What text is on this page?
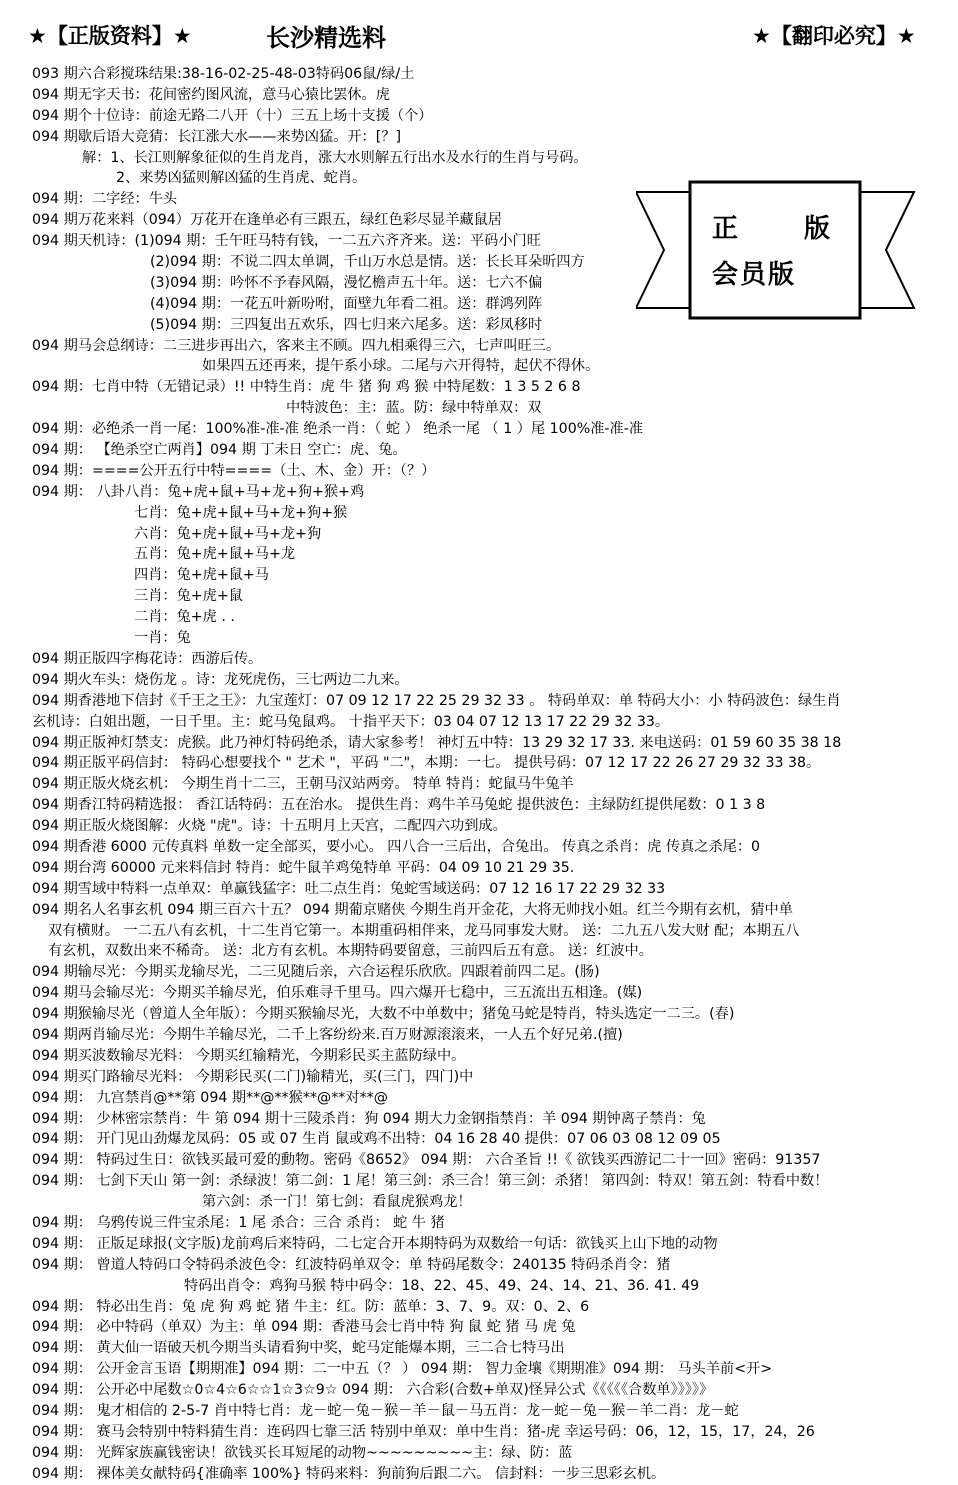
★【正版资料】★	长沙精选料	★【翻印必究】★
正 版
会员版
093 期六合彩搅珠结果:38-16-02-25-48-03特码06鼠/绿/土
094 期无字天书：花间密约图风流，意马心猿比罢休。虎
094 期个十位诗：前途无路二八开（十）三五上场十支援（个）
094 期歇后语大竞猜：长江涨大水——来势凶猛。开：[？]
解：1、长江则解象征似的生肖龙肖，涨大水则解五行出水及水行的生肖与号码。
2、来势凶猛则解凶猛的生肖虎、蛇肖。
094 期：二字经：牛头
094 期万花来料（094）万花开在逢单必有三跟五，绿红色彩尽显羊藏鼠居
094 期天机诗：(1)094 期：壬午旺马特有钱，一二五六齐齐来。送：平码小门旺
(2)094 期：不说二四太单调，千山万水总是情。送：长长耳朵昕四方
(3)094 期：吟怀不予春风隔，漫忆檐声五十年。送：七六不偏
(4)094 期：一花五叶新吩咐，面壁九年看二祖。送：群鸿列阵
(5)094 期：三四复出五欢乐，四七归来六尾多。送：彩凤移时
094 期马会总纲诗：二三进步再出六，客来主不顾。四九相乘得三六，七声叫旺三。
如果四五还再来，提午系小球。二尾与六开得特，起伏不得休。
094 期：七肖中特（无错记录）!! 中特生肖：虎 牛 猪 狗 鸡 猴 中特尾数：1 3 5 2 6 8
中特波色：主：蓝。防：绿中特单双：双
094 期：必绝杀一肖一尾：100%准-准-准 绝杀一肖：（ 蛇 ） 绝杀一尾 （ 1 ）尾 100%准-准-准
094 期： 【绝杀空亡两肖】094 期 丁未日 空亡：虎、兔。
094 期：====公开五行中特====（土、木、金）开：（？）
094 期： 八卦八肖：兔+虎+鼠+马+龙+狗+猴+鸡
七肖：兔+虎+鼠+马+龙+狗+猴
六肖：兔+虎+鼠+马+龙+狗
五肖：兔+虎+鼠+马+龙
四肖：兔+虎+鼠+马
三肖：兔+虎+鼠
二肖：兔+虎 . .
一肖：兔
094 期正版四字梅花诗：西游后传。
094 期火车头：烧伤龙 。诗：龙死虎伤，三七两边二九来。
094 期香港地下信封《千王之王》：九宝莲灯：07 09 12 17 22 25 29 32 33 。 特码单双：单 特码大小：小 特码波色：绿生肖
玄机诗：白姐出题，一日千里。主：蛇马兔鼠鸡。 十指平天下：03 04 07 12 13 17 22 29 32 33。
094 期正版神灯禁支：虎猴。此乃神灯特码绝杀，请大家参考！ 神灯五中特：13 29 32 17 33. 来电送码：01 59 60 35 38 18
094 期正版平码信封： 特码心想要找个 " 艺术 "，平码 "二"，本期：一七。 提供号码：07 12 17 22 26 27 29 32 33 38。
094 期正版火烧玄机： 今期生肖十二三，王朝马汉站两旁。 特单 特肖：蛇鼠马牛兔羊
094 期香江特码精选报： 香江话特码：五在治水。 提供生肖：鸡牛羊马兔蛇 提供波色：主绿防红提供尾数：0 1 3 8
094 期正版火烧图解：火烧 "虎"。诗：十五明月上天宫，二配四六功到成。
094 期香港 6000 元传真料 单数一定全部买，要小心。 四八合一三后出，合兔出。 传真之杀肖：虎 传真之杀尾：0
094 期台湾 60000 元来料信封 特肖：蛇牛鼠羊鸡兔特单 平码：04 09 10 21 29 35.
094 期雪域中特料一点单双：单赢钱猛字：吐二点生肖：兔蛇雪域送码：07 12 16 17 22 29 32 33
094 期名人名事玄机 094 期三百六十五？ 094 期葡京赌侠 今期生肖开金花，大将无帅找小姐。红兰今期有玄机，猜中单
双有横财。 一二五八有玄机，十二生肖它第一。本期重码相伴来，龙马同事发大财。 送：二九五八发大财 配；本期五八
有玄机，双数出来不稀奇。 送：北方有玄机。本期特码要留意，三前四后五有意。 送：红波中。
094 期输尽光：今期买龙输尽光，二三见随后亲，六合运程乐欣欣。四跟着前四二足。(肠)
094 期马会输尽光：今期买羊输尽光，伯乐难寻千里马。四六爆开七稳中，三五流出五相逢。(媒)
094 期猴输尽光（曾道人全年版）：今期买猴输尽光，大数不中单数中；猪兔马蛇是特肖，特头选定一二三。(春)
094 期两肖输尽光：今期牛羊输尽光，二千上客纷纷来.百万财源滚滚来，一人五个好兄弟.(擅)
094 期买波数输尽光料： 今期买红输精光，今期彩民买主蓝防绿中。
094 期买门路输尽光料： 今期彩民买(二门)输精光，买(三门，四门)中
094 期： 九宫禁肖@**第 094 期**@**猴**@**对**@
094 期： 少林密宗禁肖：牛 第 094 期十三陵杀肖：狗 094 期大力金钢指禁肖：羊 094 期钟离子禁肖：兔
094 期： 开门见山劲爆龙凤码：05 或 07 生肖 鼠或鸡不出特：04 16 28 40 提供：07 06 03 08 12 09 05
094 期： 特码过生日：欲钱买最可爱的動物。密码《8652》 094 期： 六合圣旨 !!《 欲钱买西游记二十一回》密码：91357
094 期： 七剑下天山 第一剑：杀绿波！第二剑：1 尾！第三剑：杀三合！第三剑：杀猪！ 第四剑：特双！第五剑：特看中数！
第六剑：杀一门！第七剑：看鼠虎猴鸡龙！
094 期： 乌鸦传说三件宝杀尾：1 尾 杀合：三合 杀肖： 蛇 牛 猪
094 期： 正版足球报(文字版)龙前鸡后来特码，二七定合开本期特码为双数给一句话：欲钱买上山下地的动物
094 期： 曾道人特码口令特码杀波色令：红波特码单双令：单 特码尾数令：240135 特码杀肖令：猪
特码出肖令：鸡狗马猴 特中码令：18、22、45、49、24、14、21、36. 41. 49
094 期： 特必出生肖：兔 虎 狗 鸡 蛇 猪 牛主：红。防：蓝单：3、7、9。双：0、2、6
094 期： 必中特码（单双）为主：单 094 期：香港马会七肖中特 狗 鼠 蛇 猪 马 虎 兔
094 期： 黄大仙一语破天机今期当头请看狗中奖，蛇马定能爆本期，三二合七特马出
094 期： 公开金言玉语【期期准】094 期：二一中五（？ ） 094 期： 智力金壤《期期准》094 期： 马头羊前<开>
094 期： 公开必中尾数☆0☆4☆6☆☆1☆3☆9☆ 094 期： 六合彩(合数+单双)怪异公式《《《《《合数单》》》》》
094 期： 鬼才相信的 2-5-7 肖中特七肖：龙－蛇－兔－猴－羊－鼠－马五肖：龙－蛇－兔－猴－羊二肖：龙－蛇
094 期： 赛马会特别中特料猜生肖：连码四七靠三活 特别中单双：单中生肖：猪-虎 幸运号码：06，12，15，17，24，26
094 期： 光辉家族赢钱密诀！欲钱买长耳短尾的动物~~~~~~~~~主：绿、防：蓝
094 期： 裸体美女献特码{准确率 100%} 特码来料：狗前狗后跟二六。 信封料：一步三思彩玄机。
